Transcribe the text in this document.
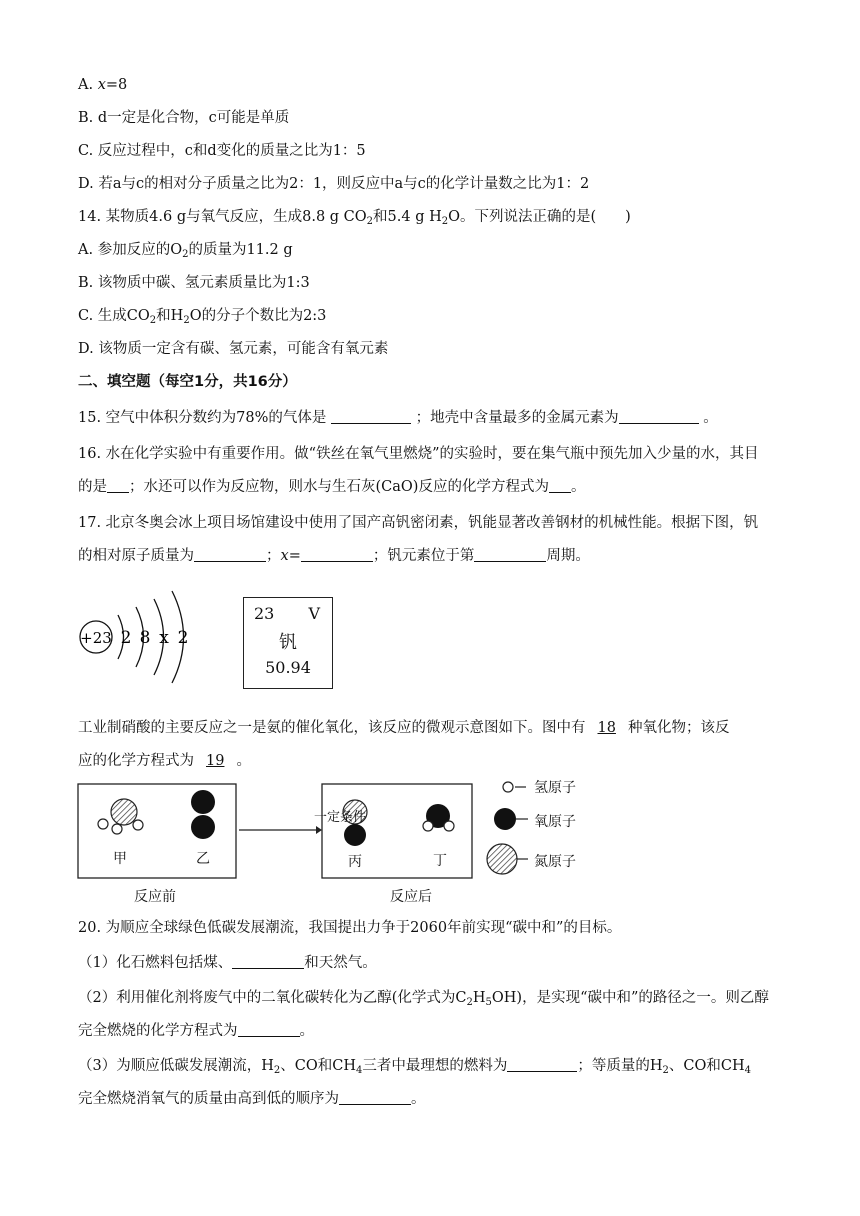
A. x=8
B. d一定是化合物，c可能是单质
C. 反应过程中，c和d变化的质量之比为1：5
D. 若a与c的相对分子质量之比为2：1，则反应中a与c的化学计量数之比为1：2
14. 某物质4.6 g与氧气反应，生成8.8 g $CO_2$和5.4 g $H_2O$。下列说法正确的是(　　)
A. 参加反应的$O_2$的质量为11.2 g
B. 该物质中碳、氢元素质量比为1:3
C. 生成$CO_2$和$H_2O$的分子个数比为2:3
D. 该物质一定含有碳、氢元素，可能含有氧元素
二、填空题（每空1分，共16分）
15. 空气中体积分数约为78%的气体是	；地壳中含量最多的金属元素为	。
16. 水在化学实验中有重要作用。做“铁丝在氧气里燃烧”的实验时，要在集气瓶中预先加入少量的水，其目
的是 ；水还可以作为反应物，则水与生石灰(CaO)反应的化学方程式为 。
17. 北京冬奥会冰上项目场馆建设中使用了国产高钒密闭素，钒能显著改善钢材的机械性能。根据下图，钒
的相对原子质量为	；x=	；钒元素位于第	周期。
+23 2 8 x 2
23 V
钒
50.94
工业制硝酸的主要反应之一是氨的催化氧化，该反应的微观示意图如下。图中有 18 种氧化物；该反
应的化学方程式为 19 。
一定条件
甲	乙	丙	丁
氢原子
氧原子
氮原子
反应前	反应后
20. 为顺应全球绿色低碳发展潮流，我国提出力争于2060年前实现“碳中和”的目标。
（1）化石燃料包括煤、	和天然气。
（2）利用催化剂将废气中的二氧化碳转化为乙醇(化学式为$C_2H_5OH$)，是实现“碳中和”的路径之一。则乙醇
完全燃烧的化学方程式为	。
（3）为顺应低碳发展潮流，$H_2$、CO和$CH_4$三者中最理想的燃料为	；等质量的$H_2$、CO和$CH_4$
完全燃烧消氧气的质量由高到低的顺序为	。
